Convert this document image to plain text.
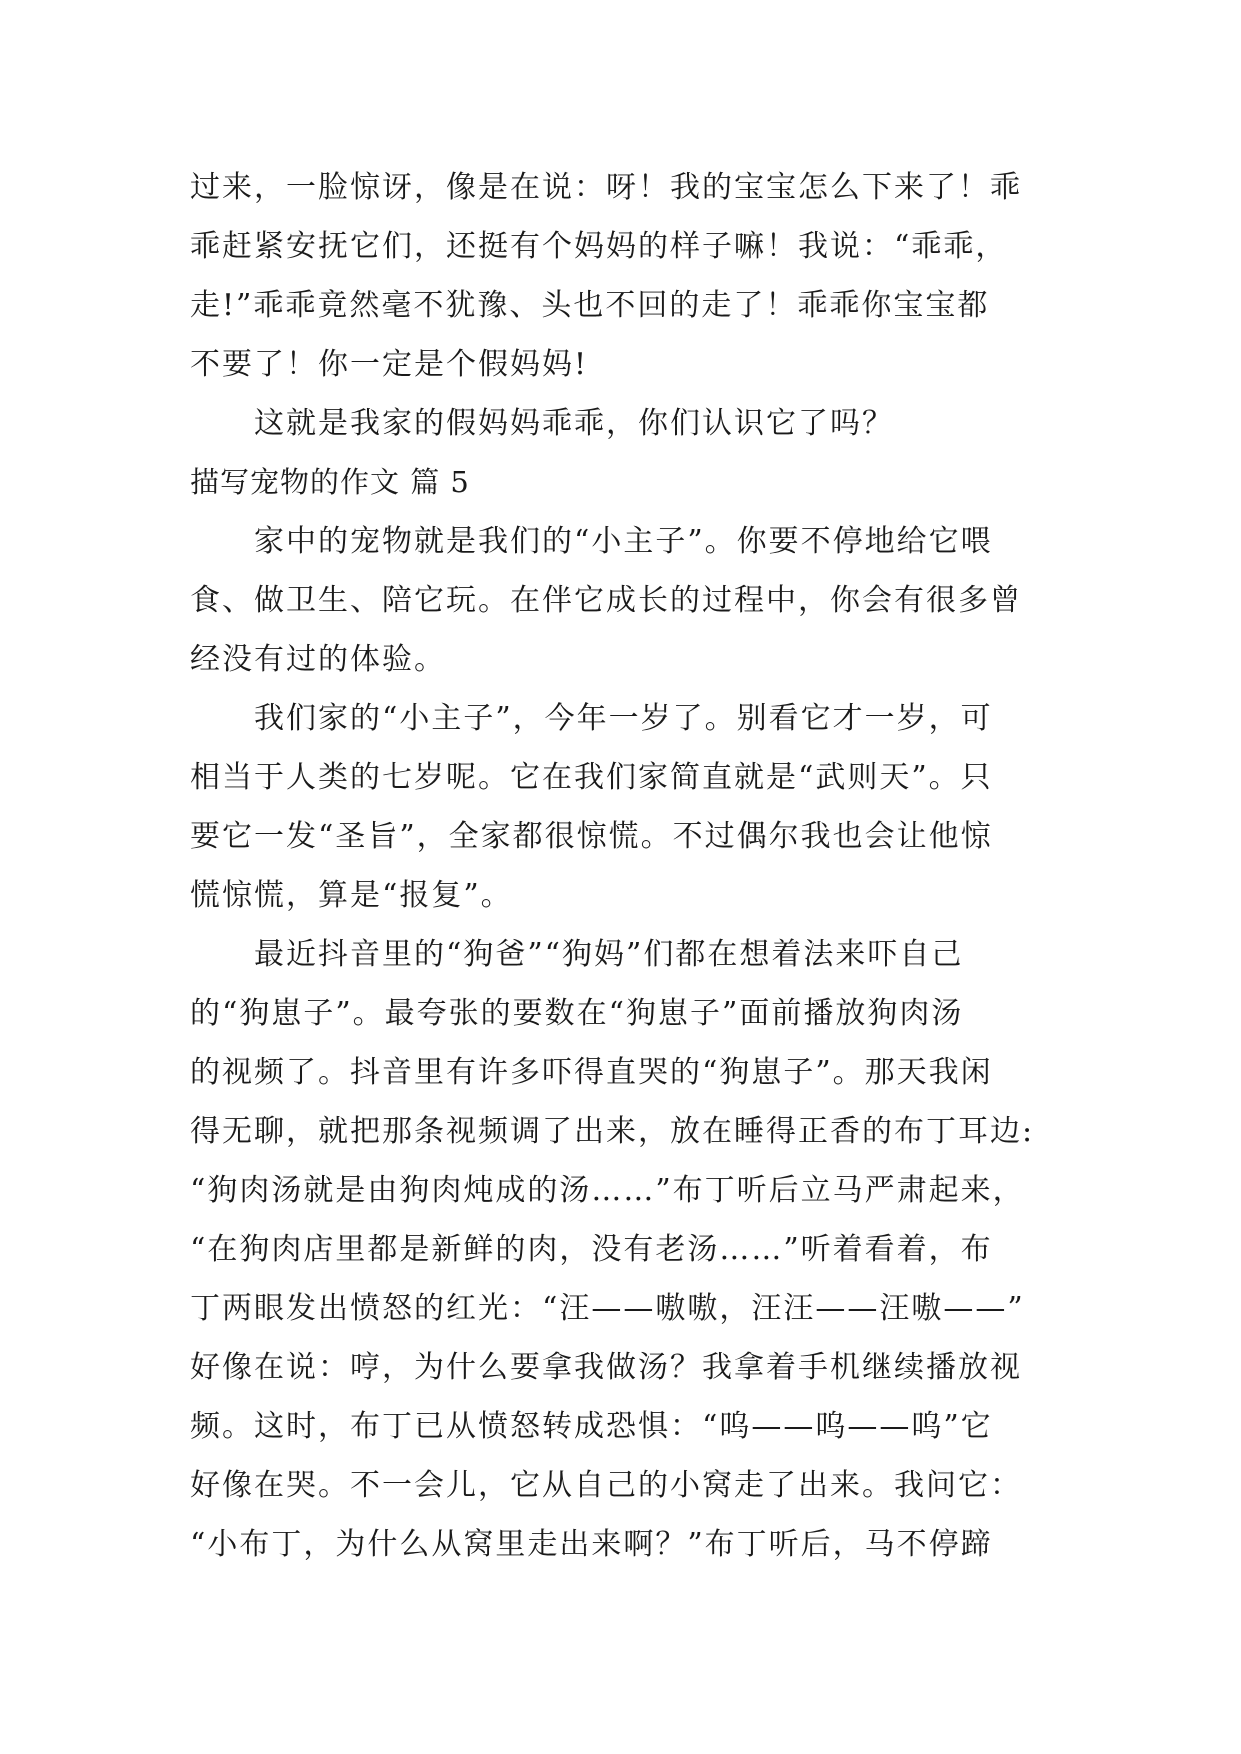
过来，一脸惊讶，像是在说：呀！我的宝宝怎么下来了！乖
乖赶紧安抚它们，还挺有个妈妈的样子嘛！我说：“乖乖，
走!”乖乖竟然毫不犹豫、头也不回的走了！乖乖你宝宝都
不要了！你一定是个假妈妈!
这就是我家的假妈妈乖乖，你们认识它了吗？
描写宠物的作文 篇 5
家中的宠物就是我们的“小主子”。你要不停地给它喂
食、做卫生、陪它玩。在伴它成长的过程中，你会有很多曾
经没有过的体验。
我们家的“小主子”，今年一岁了。别看它才一岁，可
相当于人类的七岁呢。它在我们家简直就是“武则天”。只
要它一发“圣旨”，全家都很惊慌。不过偶尔我也会让他惊
慌惊慌，算是“报复”。
最近抖音里的“狗爸”“狗妈”们都在想着法来吓自己
的“狗崽子”。最夸张的要数在“狗崽子”面前播放狗肉汤
的视频了。抖音里有许多吓得直哭的“狗崽子”。那天我闲
得无聊，就把那条视频调了出来，放在睡得正香的布丁耳边:
“狗肉汤就是由狗肉炖成的汤……”布丁听后立马严肃起来，
“在狗肉店里都是新鲜的肉，没有老汤……”听着看着，布
丁两眼发出愤怒的红光：“汪——嗷嗷，汪汪——汪嗷——”
好像在说：哼，为什么要拿我做汤？我拿着手机继续播放视
频。这时，布丁已从愤怒转成恐惧：“呜——呜——呜”它
好像在哭。不一会儿，它从自己的小窝走了出来。我问它：
“小布丁，为什么从窝里走出来啊？”布丁听后，马不停蹄
